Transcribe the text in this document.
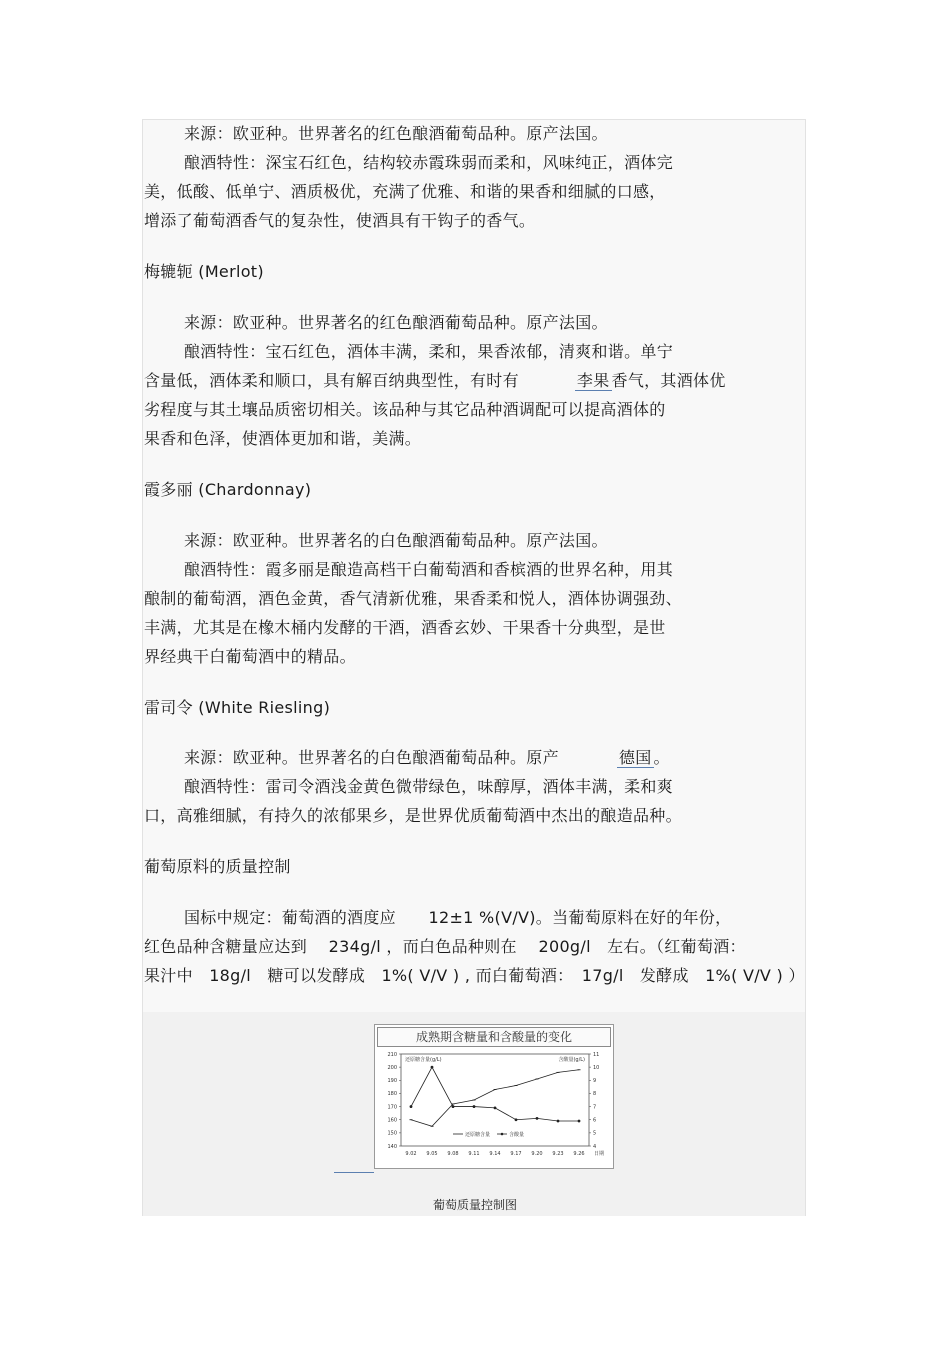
来源：欧亚种。世界著名的红色酿酒葡萄品种。原产法国。
酿酒特性：深宝石红色，结构较赤霞珠弱而柔和，风味纯正，酒体完
美，低酸、低单宁、酒质极优，充满了优雅、和谐的果香和细腻的口感，
增添了葡萄酒香气的复杂性，使酒具有干钩子的香气。
梅辘轭 (Merlot)
来源：欧亚种。世界著名的红色酿酒葡萄品种。原产法国。
酿酒特性：宝石红色，酒体丰满，柔和，果香浓郁，清爽和谐。单宁
含量低，酒体柔和顺口，具有解百纳典型性，有时有	李果 香气，其酒体优
劣程度与其土壤品质密切相关。该品种与其它品种酒调配可以提高酒体的
果香和色泽，使酒体更加和谐，美满。
霞多丽 (Chardonnay)
来源：欧亚种。世界著名的白色酿酒葡萄品种。原产法国。
酿酒特性：霞多丽是酿造高档干白葡萄酒和香槟酒的世界名种，用其
酿制的葡萄酒，酒色金黄，香气清新优雅，果香柔和悦人，酒体协调强劲、
丰满，尤其是在橡木桶内发酵的干酒，酒香玄妙、干果香十分典型，是世
界经典干白葡萄酒中的精品。
雷司令 (White Riesling)
来源：欧亚种。世界著名的白色酿酒葡萄品种。原产	德国 。
酿酒特性：雷司令酒浅金黄色微带绿色，味醇厚，酒体丰满，柔和爽
口，高雅细腻，有持久的浓郁果乡，是世界优质葡萄酒中杰出的酿造品种。
葡萄原料的质量控制
国标中规定：葡萄酒的酒度应　　12±1 %(V/V)。当葡萄原料在好的年份，
红色品种含糖量应达到　 234g/l ，而白色品种则在　 200g/l　左右。（红葡萄酒：
果汁中　18g/l　糖可以发酵成　1%( V/V ) , 而白葡萄酒：　17g/l　发酵成　1%( V/V ) ）
成熟期含糖量和含酸量的变化
140
150
160
170
180
190
200
210
4
5
6
7
8
9
10
11
9.02 9.05 9.08 9.11 9.14 9.17 9.20 9.23 9.26 日期
还原糖含量(g/L)	含酸量(g/L)
还原糖含量	含酸量
葡萄质量控制图
